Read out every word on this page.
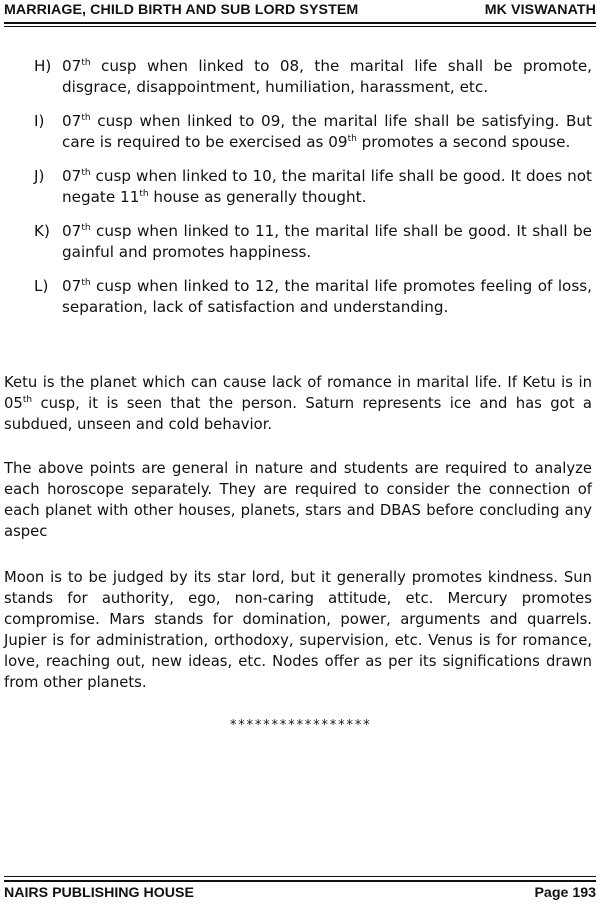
MARRIAGE, CHILD BIRTH AND SUB LORD SYSTEM	MK VISWANATH
H) 07th cusp when linked to 08, the marital life shall be promote, disgrace, disappointment, humiliation, harassment, etc.
I)	07th cusp when linked to 09, the marital life shall be satisfying. But care is required to be exercised as 09th promotes a second spouse.
J)	07th cusp when linked to 10, the marital life shall be good. It does not negate 11th house as generally thought.
K) 07th cusp when linked to 11, the marital life shall be good. It shall be gainful and promotes happiness.
L) 07th cusp when linked to 12, the marital life promotes feeling of loss, separation, lack of satisfaction and understanding.
Ketu is the planet which can cause lack of romance in marital life. If Ketu is in 05th cusp, it is seen that the person. Saturn represents ice and has got a subdued, unseen and cold behavior.
The above points are general in nature and students are required to analyze each horoscope separately. They are required to consider the connection of each planet with other houses, planets, stars and DBAS before concluding any aspec
Moon is to be judged by its star lord, but it generally promotes kindness. Sun stands for authority, ego, non-caring attitude, etc. Mercury promotes compromise. Mars stands for domination, power, arguments and quarrels. Jupier is for administration, orthodoxy, supervision, etc. Venus is for romance, love, reaching out, new ideas, etc. Nodes offer as per its significations drawn from other planets.
*****************
NAIRS PUBLISHING HOUSE	Page 193
